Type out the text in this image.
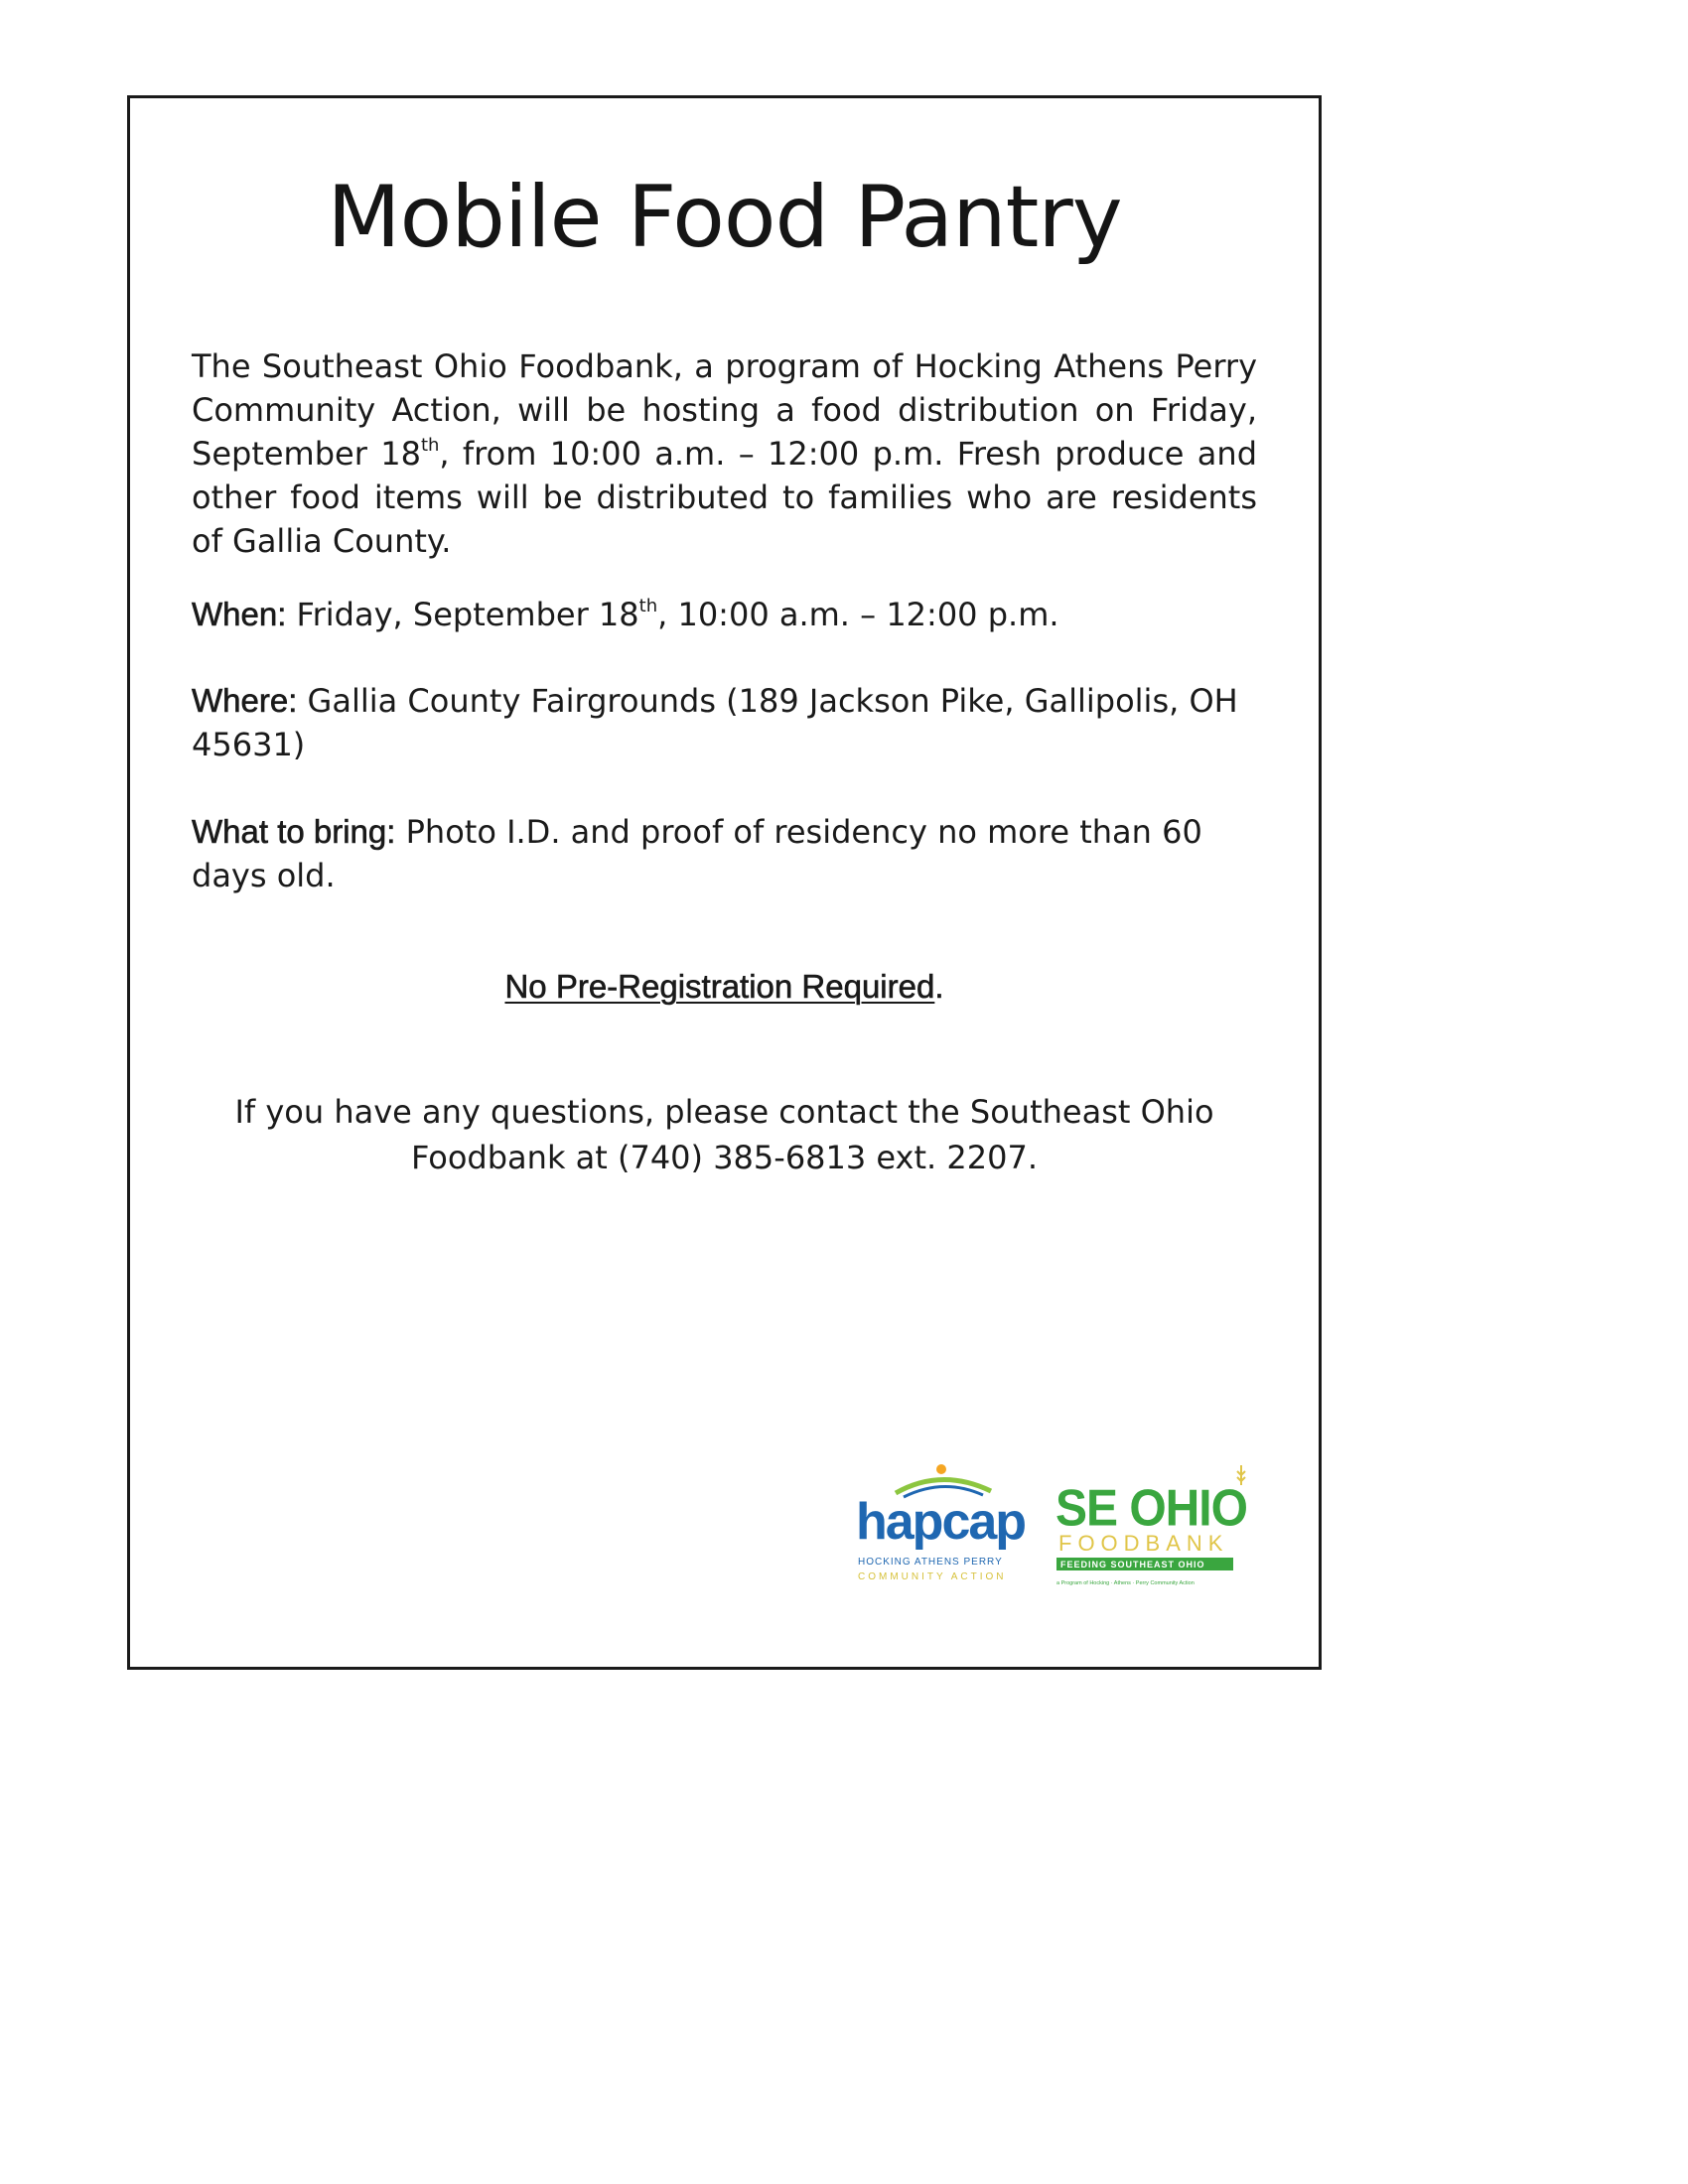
Mobile Food Pantry

The Southeast Ohio Foodbank, a program of Hocking Athens Perry Community Action, will be hosting a food distribution on Friday, September 18th, from 10:00 a.m. – 12:00 p.m. Fresh produce and other food items will be distributed to families who are residents of Gallia County.

When: Friday, September 18th, 10:00 a.m. – 12:00 p.m.

Where: Gallia County Fairgrounds (189 Jackson Pike, Gallipolis, OH 45631)

What to bring: Photo I.D. and proof of residency no more than 60 days old.

No Pre-Registration Required.

If you have any questions, please contact the Southeast Ohio
Foodbank at (740) 385-6813 ext. 2207.

hapcap
HOCKING ATHENS PERRY
COMMUNITY ACTION
SE OHIO
FOODBANK
FEEDING SOUTHEAST OHIO
a Program of Hocking · Athens · Perry Community Action
